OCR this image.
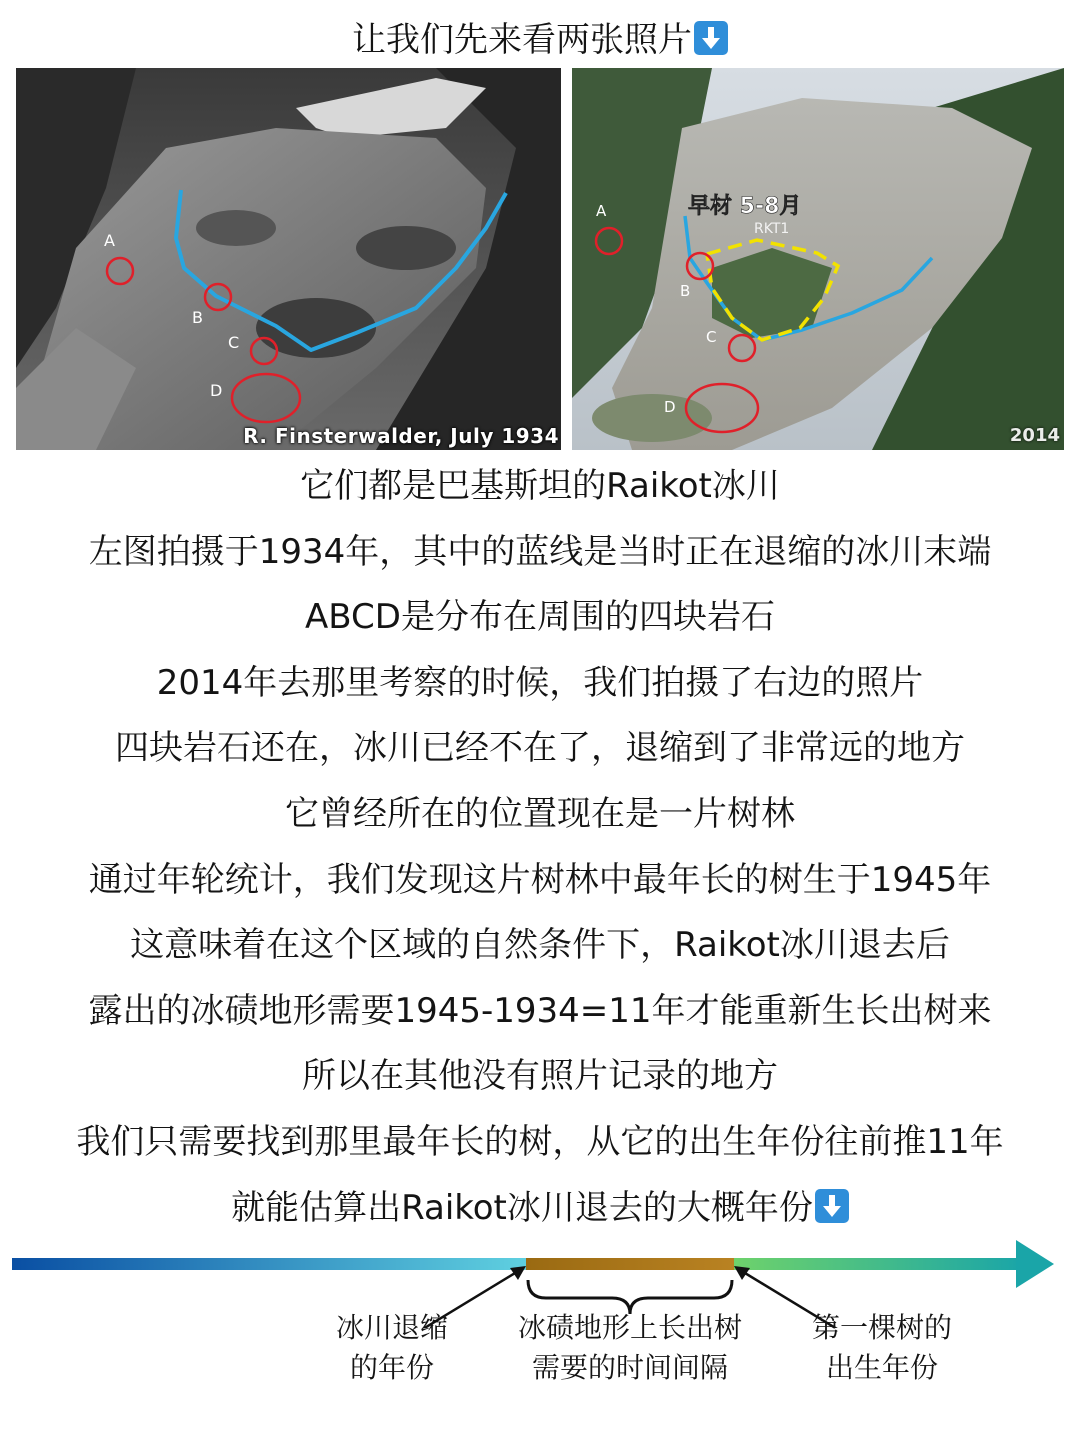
让我们先来看两张照片
A
B
C
D
R. Finsterwalder, July 1934
A
B
C
D
早材 5-8月
RKT1
2014
它们都是巴基斯坦的Raikot冰川
左图拍摄于1934年，其中的蓝线是当时正在退缩的冰川末端
ABCD是分布在周围的四块岩石
2014年去那里考察的时候，我们拍摄了右边的照片
四块岩石还在，冰川已经不在了，退缩到了非常远的地方
它曾经所在的位置现在是一片树林
通过年轮统计，我们发现这片树林中最年长的树生于1945年
这意味着在这个区域的自然条件下，Raikot冰川退去后
露出的冰碛地形需要1945-1934=11年才能重新生长出树来
所以在其他没有照片记录的地方
我们只需要找到那里最年长的树，从它的出生年份往前推11年
就能估算出Raikot冰川退去的大概年份
冰川退缩
的年份
冰碛地形上长出树
需要的时间间隔
第一棵树的
出生年份
